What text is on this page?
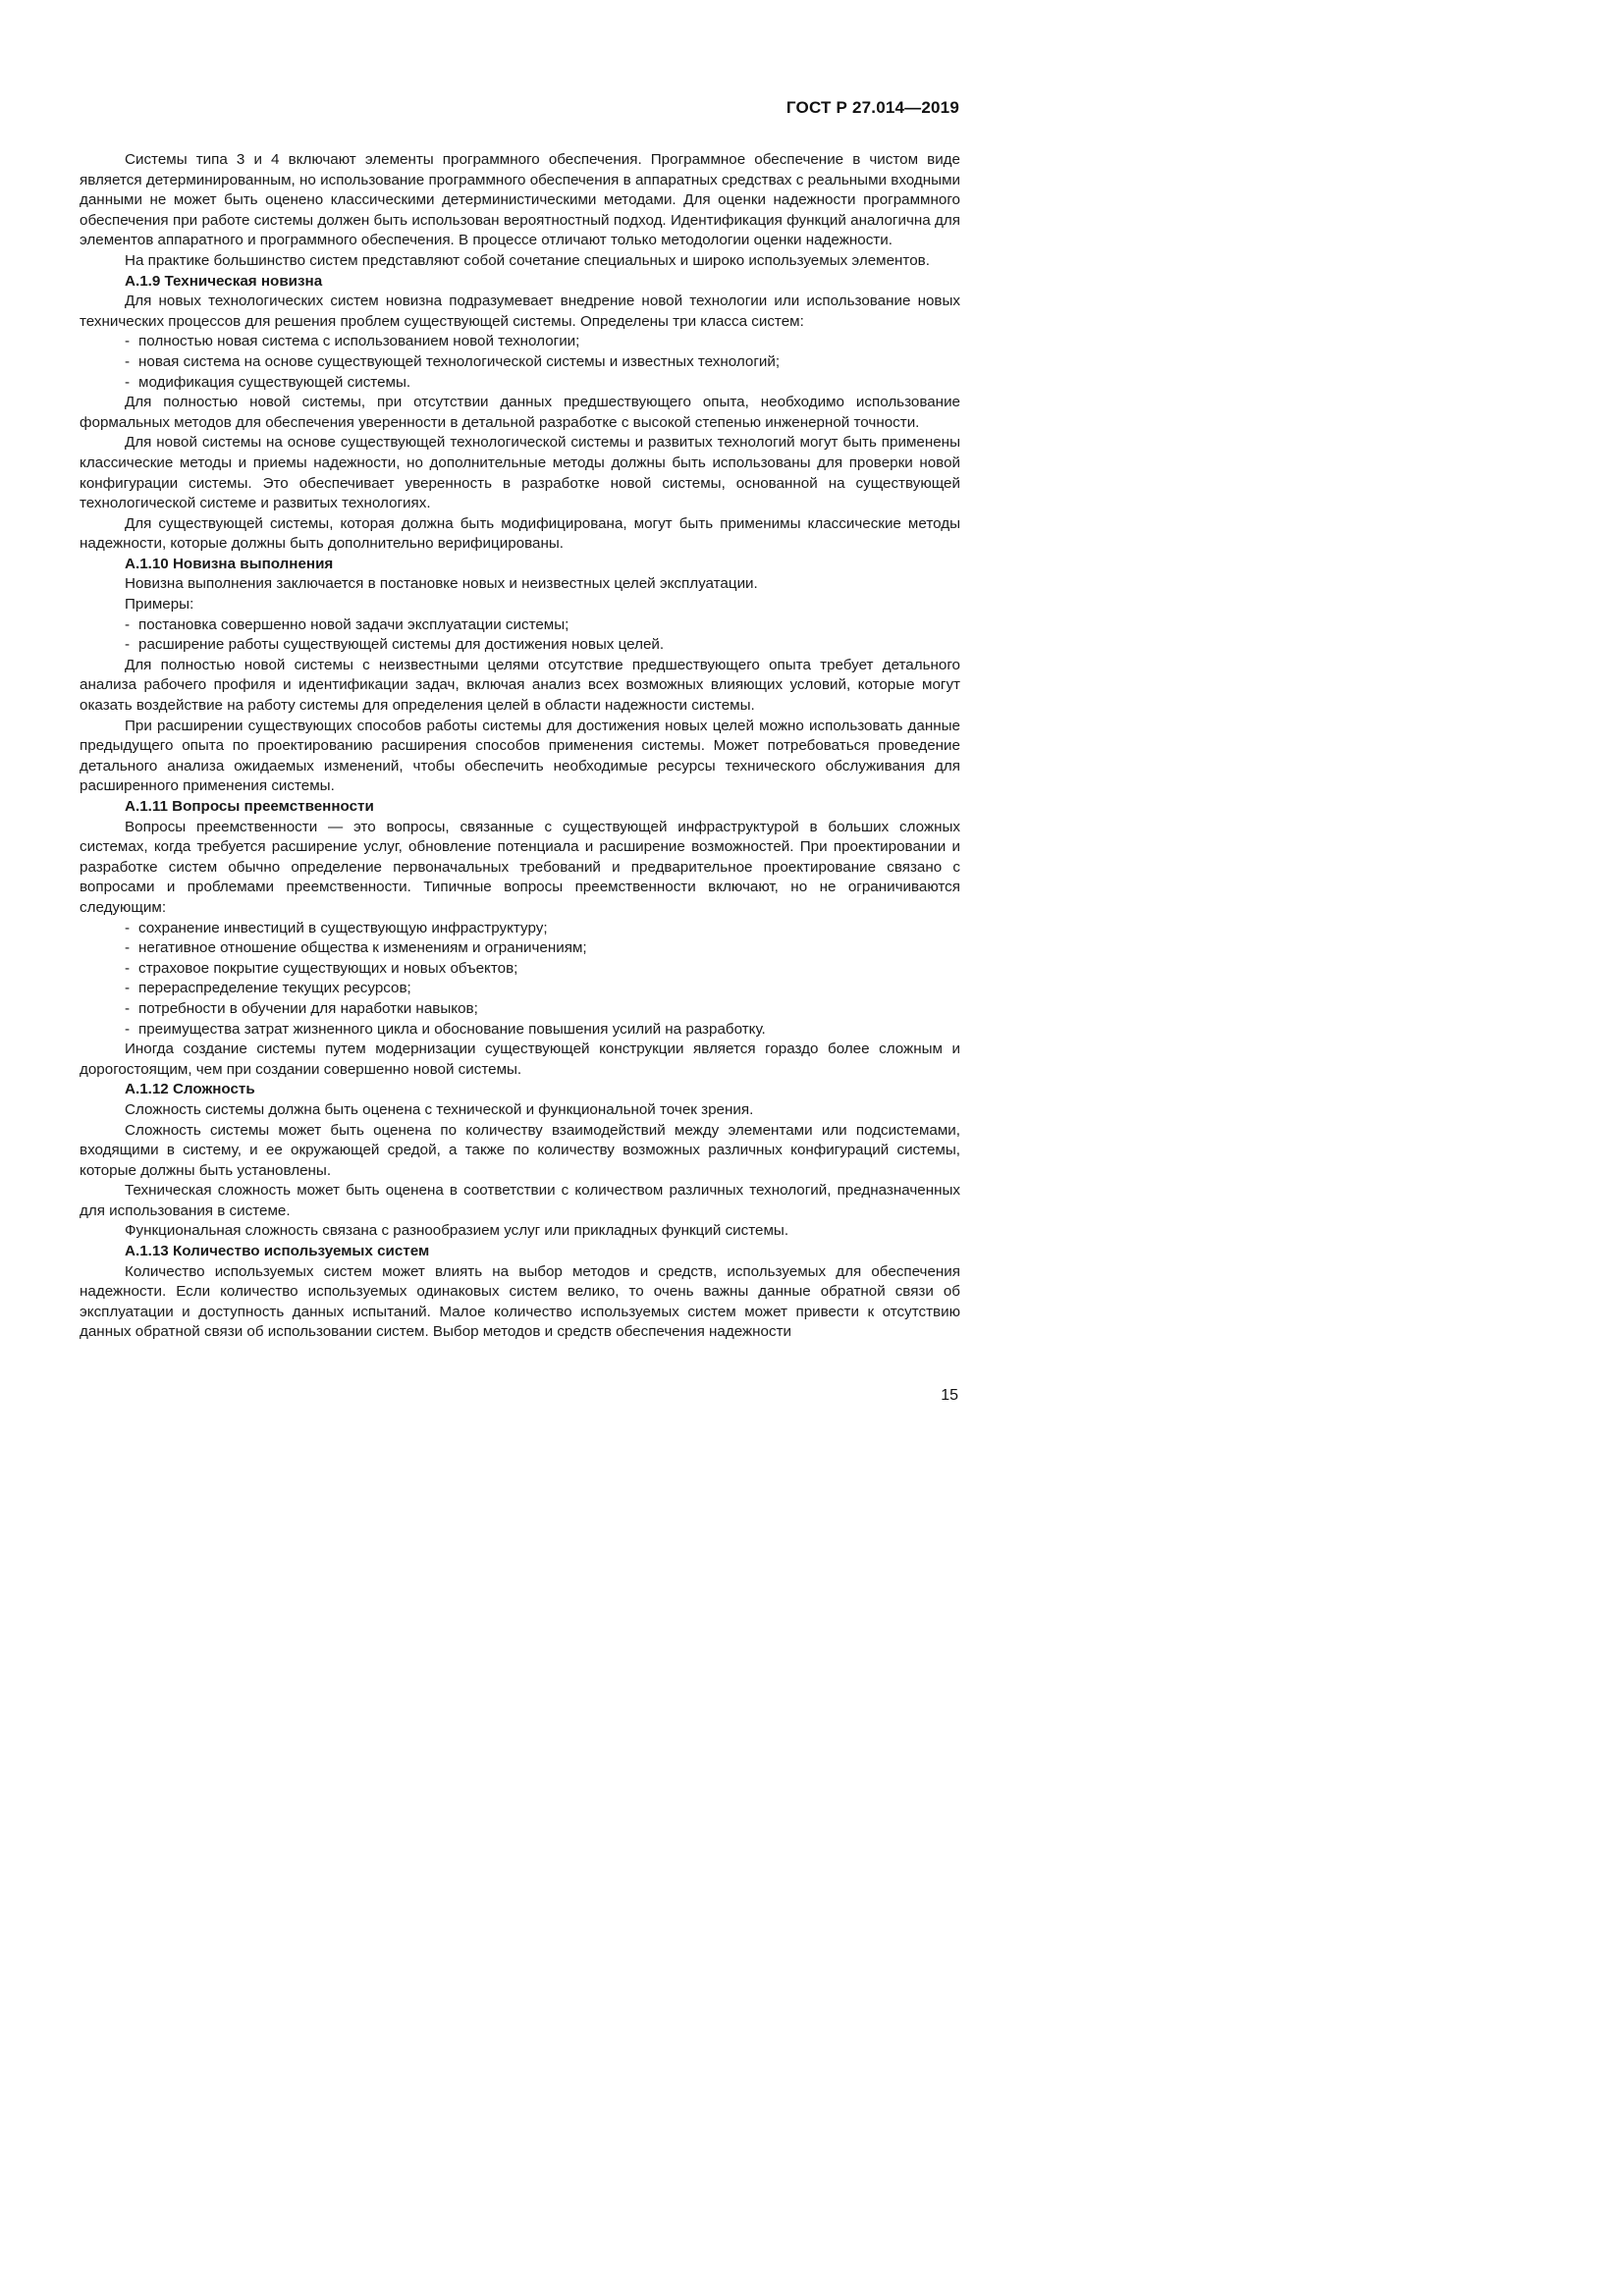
ГОСТ Р 27.014—2019

Системы типа 3 и 4 включают элементы программного обеспечения. Программное обеспечение в чистом виде является детерминированным, но использование программного обеспечения в аппаратных средствах с реальными входными данными не может быть оценено классическими детерминистическими методами. Для оценки надежности программного обеспечения при работе системы должен быть использован вероятностный подход. Идентификация функций аналогична для элементов аппаратного и программного обеспечения. В процессе отличают только методологии оценки надежности.

На практике большинство систем представляют собой сочетание специальных и широко используемых элементов.

А.1.9 Техническая новизна

Для новых технологических систем новизна подразумевает внедрение новой технологии или использование новых технических процессов для решения проблем существующей системы. Определены три класса систем:

- полностью новая система с использованием новой технологии;
- новая система на основе существующей технологической системы и известных технологий;
- модификация существующей системы.

Для полностью новой системы, при отсутствии данных предшествующего опыта, необходимо использование формальных методов для обеспечения уверенности в детальной разработке с высокой степенью инженерной точности.

Для новой системы на основе существующей технологической системы и развитых технологий могут быть применены классические методы и приемы надежности, но дополнительные методы должны быть использованы для проверки новой конфигурации системы. Это обеспечивает уверенность в разработке новой системы, основанной на существующей технологической системе и развитых технологиях.

Для существующей системы, которая должна быть модифицирована, могут быть применимы классические методы надежности, которые должны быть дополнительно верифицированы.

А.1.10 Новизна выполнения

Новизна выполнения заключается в постановке новых и неизвестных целей эксплуатации.

Примеры:

- постановка совершенно новой задачи эксплуатации системы;
- расширение работы существующей системы для достижения новых целей.

Для полностью новой системы с неизвестными целями отсутствие предшествующего опыта требует детального анализа рабочего профиля и идентификации задач, включая анализ всех возможных влияющих условий, которые могут оказать воздействие на работу системы для определения целей в области надежности системы.

При расширении существующих способов работы системы для достижения новых целей можно использовать данные предыдущего опыта по проектированию расширения способов применения системы. Может потребоваться проведение детального анализа ожидаемых изменений, чтобы обеспечить необходимые ресурсы технического обслуживания для расширенного применения системы.

А.1.11 Вопросы преемственности

Вопросы преемственности — это вопросы, связанные с существующей инфраструктурой в больших сложных системах, когда требуется расширение услуг, обновление потенциала и расширение возможностей. При проектировании и разработке систем обычно определение первоначальных требований и предварительное проектирование связано с вопросами и проблемами преемственности. Типичные вопросы преемственности включают, но не ограничиваются следующим:

- сохранение инвестиций в существующую инфраструктуру;
- негативное отношение общества к изменениям и ограничениям;
- страховое покрытие существующих и новых объектов;
- перераспределение текущих ресурсов;
- потребности в обучении для наработки навыков;
- преимущества затрат жизненного цикла и обоснование повышения усилий на разработку.

Иногда создание системы путем модернизации существующей конструкции является гораздо более сложным и дорогостоящим, чем при создании совершенно новой системы.

А.1.12 Сложность

Сложность системы должна быть оценена с технической и функциональной точек зрения.

Сложность системы может быть оценена по количеству взаимодействий между элементами или подсистемами, входящими в систему, и ее окружающей средой, а также по количеству возможных различных конфигураций системы, которые должны быть установлены.

Техническая сложность может быть оценена в соответствии с количеством различных технологий, предназначенных для использования в системе.

Функциональная сложность связана с разнообразием услуг или прикладных функций системы.

А.1.13 Количество используемых систем

Количество используемых систем может влиять на выбор методов и средств, используемых для обеспечения надежности. Если количество используемых одинаковых систем велико, то очень важны данные обратной связи об эксплуатации и доступность данных испытаний. Малое количество используемых систем может привести к отсутствию данных обратной связи об использовании систем. Выбор методов и средств обеспечения надежности

15
